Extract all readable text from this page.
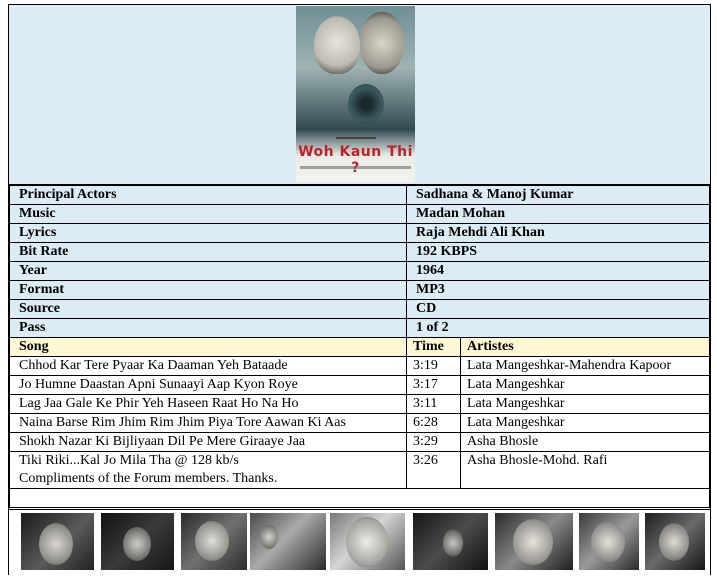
Woh Kaun Thi
Principal Actors	Sadhana & Manoj Kumar	
Music	Madan Mohan	
Lyrics	Raja Mehdi Ali Khan	
Bit Rate	192 KBPS	
Year	1964	
Format	MP3	
Source	CD	
Pass	1 of 2	
Song	Time	Artistes
Chhod Kar Tere Pyaar Ka Daaman Yeh Bataade	3:19	Lata Mangeshkar-Mahendra Kapoor
Jo Humne Daastan Apni Sunaayi Aap Kyon Roye	3:17	Lata Mangeshkar
Lag Jaa Gale Ke Phir Yeh Haseen Raat Ho Na Ho	3:11	Lata Mangeshkar
Naina Barse Rim Jhim Rim Jhim Piya Tore Aawan Ki Aas	6:28	Lata Mangeshkar
Shokh Nazar Ki Bijliyaan Dil Pe Mere Giraaye Jaa	3:29	Asha Bhosle

Tiki Riki...Kal Jo Mila Tha @ 128 kb/s
Compliments of the Forum members. Thanks.	3:26	Asha Bhosle-Mohd. Rafi
